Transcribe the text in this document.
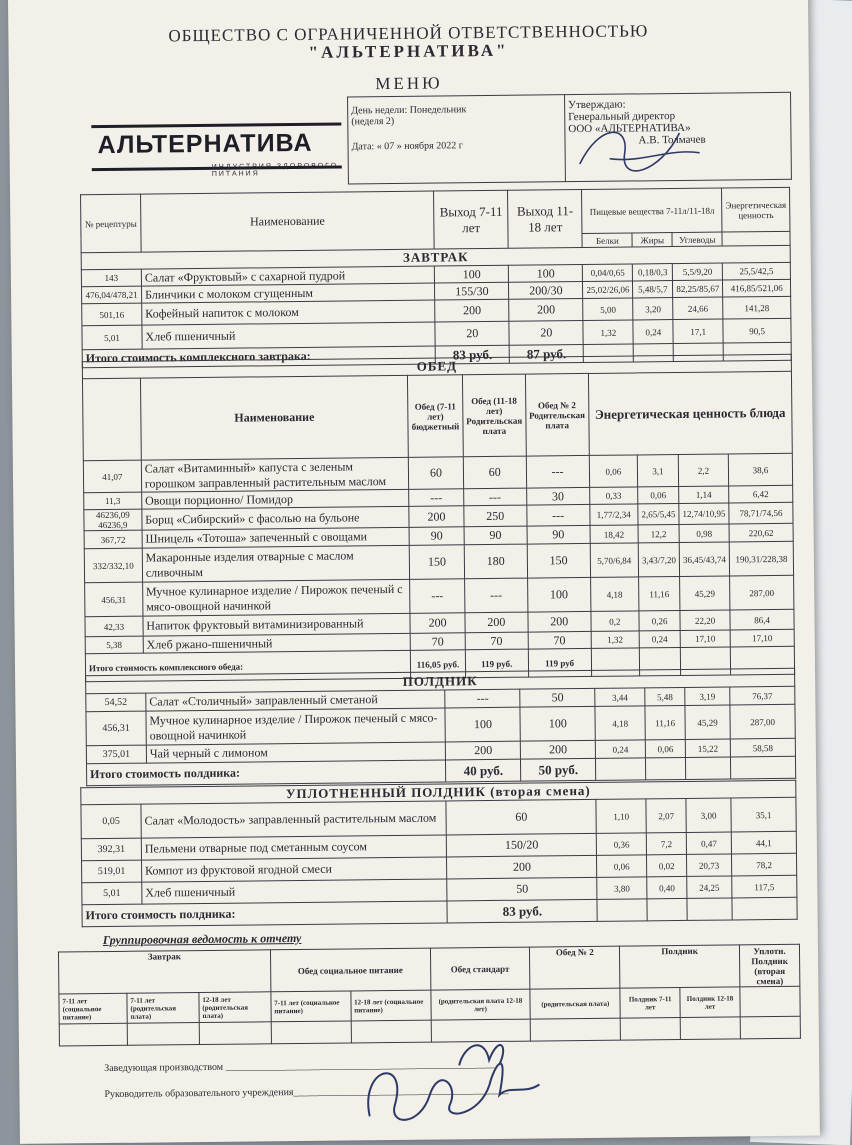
ОБЩЕСТВО С ОГРАНИЧЕННОЙ ОТВЕТСТВЕННОСТЬЮ
"АЛЬТЕРНАТИВА"
МЕНЮ

День недели: Понедельник
(неделя 2)
Дата: « 07 » ноября 2022 г

Утверждаю:
Генеральный директор
ООО «АЛЬТЕРНАТИВА»
А.В. Толмачев
АЛЬТЕРНАТИВА
ИНДУСТРИЯ ЗДОРОВОГО ПИТАНИЯ
№ рецептуры	Наименование	Выход 7-11 лет	Выход 11-18 лет	Пищевые вещества 7-11л/11-18л			Энергетическая ценность
				Белки	Жиры	Углеводы	
ЗАВТРАК							
143	Салат «Фруктовый» с сахарной пудрой	100	100	0,04/0,65	0,18/0,3	5,5/9,20	25,5/42,5
476,04/478,21	Блинчики с молоком сгущенным	155/30	200/30	25,02/26,06	5,48/5,7	82,25/85,67	416,85/521,06
501,16	Кофейный напиток с молоком	200	200	5,00	3,20	24,66	141,28
5,01	Хлеб пшеничный	20	20	1,32	0,24	17,1	90,5
Итого стоимость комплексного завтрака:		83 руб.	87 руб.				
ОБЕД								
	Наименование	Обед (7-11 лет) бюджетный	Обед (11-18 лет) Родительская плата	Обед № 2 Родительская плата	Энергетическая ценность блюда			
41,07	Салат «Витаминный» капуста с зеленым горошком заправленный растительным маслом	60	60	---	0,06	3,1	2,2	38,6
11,3	Овощи порционно/ Помидор	---	---	30	0,33	0,06	1,14	6,42
46236,09 46236,9	Борщ «Сибирский» с фасолью на бульоне	200	250	---	1,77/2,34	2,65/5,45	12,74/10,95	78,71/74,56
367,72	Шницель «Тотоша» запеченный с овощами	90	90	90	18,42	12,2	0,98	220,62
332/332,10	Макаронные изделия отварные с маслом сливочным	150	180	150	5,70/6,84	3,43/7,20	36,45/43,74	190,31/228,38
456,31	Мучное кулинарное изделие / Пирожок печеный с мясо-овощной начинкой	---	---	100	4,18	11,16	45,29	287,00
42,33	Напиток фруктовый витаминизированный	200	200	200	0,2	0,26	22,20	86,4
5,38	Хлеб ржано-пшеничный	70	70	70	1,32	0,24	17,10	17,10
Итого стоимость комплексного обеда:		116,05 руб.	119 руб.	119 руб				
ПОЛДНИК							
54,52	Салат «Столичный» заправленный сметаной	---	50	3,44	5,48	3,19	76,37
456,31	Мучное кулинарное изделие / Пирожок печеный с мясо-овощной начинкой	100	100	4,18	11,16	45,29	287,00
375,01	Чай черный с лимоном	200	200	0,24	0,06	15,22	58,58
Итого стоимость полдника:		40 руб.	50 руб.				
УПЛОТНЕННЫЙ ПОЛДНИК (вторая смена)						
0,05	Салат «Молодость» заправленный растительным маслом	60	1,10	2,07	3,00	35,1
392,31	Пельмени отварные под сметанным соусом	150/20	0,36	7,2	0,47	44,1
519,01	Компот из фруктовой ягодной смеси	200	0,06	0,02	20,73	78,2
5,01	Хлеб пшеничный	50	3,80	0,40	24,25	117,5
Итого стоимость полдника:		83 руб.				
Группировочная ведомость к отчету
Завтрак			Обед социальное питание		Обед стандарт	Обед № 2	Полдник		Уплотн. Полдник (вторая смена)
7-11 лет (социальное питание)	7-11 лет (родительская плата)	12-18 лет (родительская плата)	7-11 лет (социальное питание)	12-18 лет (социальное питание)	(родительская плата 12-18 лет)	(родительская плата)	Полдник 7-11 лет	Полдник 12-18 лет	

Заведующая производством ______________________________________________________
Руководитель образовательного учреждения___________________________________________
